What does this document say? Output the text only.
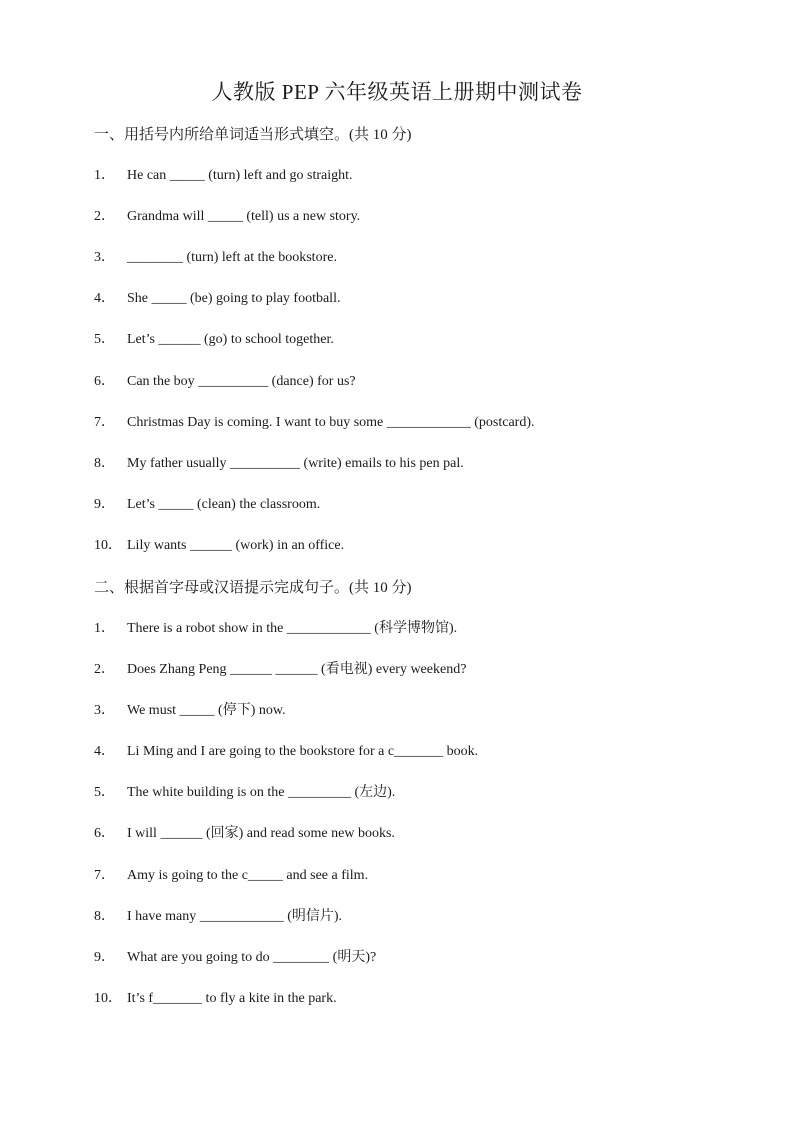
人教版 PEP 六年级英语上册期中测试卷
一、用括号内所给单词适当形式填空。(共 10 分)
1． He can _____ (turn) left and go straight.
2． Grandma will _____ (tell) us a new story.
3． ________ (turn) left at the bookstore.
4． She _____ (be) going to play football.
5． Let’s ______ (go) to school together.
6． Can the boy __________ (dance) for us?
7． Christmas Day is coming. I want to buy some ____________ (postcard).
8． My father usually __________ (write) emails to his pen pal.
9． Let’s _____ (clean) the classroom.
10． Lily wants ______ (work) in an office.
二、根据首字母或汉语提示完成句子。(共 10 分)
1． There is a robot show in the ____________ (科学博物馆).
2． Does Zhang Peng ______ ______ (看电视) every weekend?
3． We must _____ (停下) now.
4． Li Ming and I are going to the bookstore for a c_______ book.
5． The white building is on the _________ (左边).
6． I will ______ (回家) and read some new books.
7． Amy is going to the c_____ and see a film.
8． I have many ____________ (明信片).
9． What are you going to do ________ (明天)?
10． It’s f_______ to fly a kite in the park.
